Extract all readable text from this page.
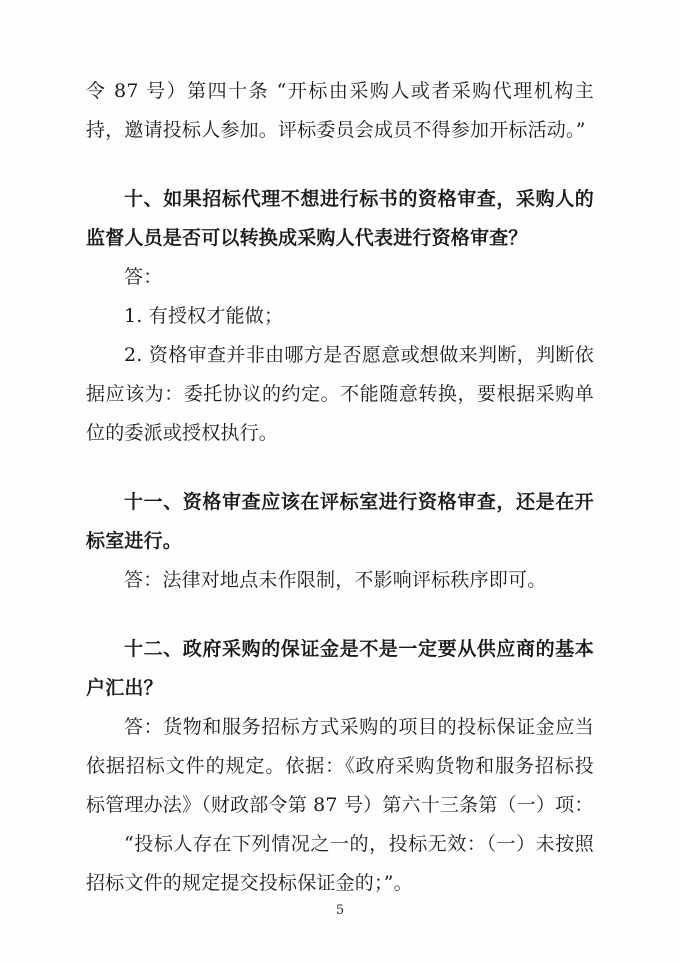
令 87 号）第四十条 “开标由采购人或者采购代理机构主持，邀请投标人参加。评标委员会成员不得参加开标活动。”

十、如果招标代理不想进行标书的资格审查，采购人的监督人员是否可以转换成采购人代表进行资格审查？

答：

1. 有授权才能做；

2. 资格审查并非由哪方是否愿意或想做来判断，判断依据应该为：委托协议的约定。不能随意转换，要根据采购单位的委派或授权执行。

十一、资格审查应该在评标室进行资格审查，还是在开标室进行。

答：法律对地点未作限制，不影响评标秩序即可。

十二、政府采购的保证金是不是一定要从供应商的基本户汇出？

答：货物和服务招标方式采购的项目的投标保证金应当依据招标文件的规定。依据：《政府采购货物和服务招标投标管理办法》（财政部令第 87 号）第六十三条第（一）项：

“投标人存在下列情况之一的，投标无效：（一）未按照招标文件的规定提交投标保证金的；”。

5
